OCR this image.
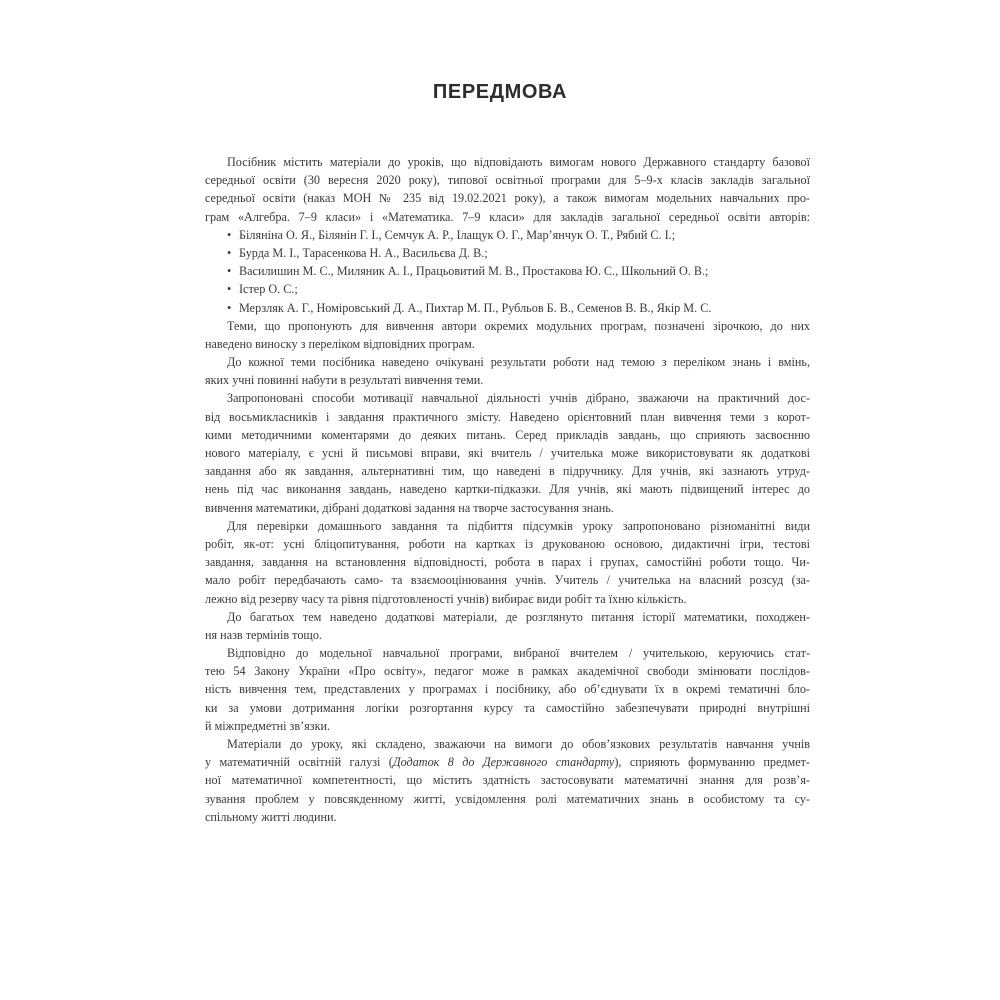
ПЕРЕДМОВА
Посібник містить матеріали до уроків, що відповідають вимогам нового Державного стандарту базової
середньої освіти (30 вересня 2020 року), типової освітньої програми для 5–9-х класів закладів загальної
середньої освіти (наказ МОН № 235 від 19.02.2021 року), а також вимогам модельних навчальних про-
грам «Алгебра. 7–9 класи» і «Математика. 7–9 класи» для закладів загальної середньої освіти авторів:
• Біляніна О. Я., Білянін Г. І., Семчук А. Р., Ілащук О. Г., Мар’янчук О. Т., Рябий С. І.;
• Бурда М. І., Тарасенкова Н. А., Васильєва Д. В.;
• Василишин М. С., Миляник А. І., Працьовитий М. В., Простакова Ю. С., Школьний О. В.;
• Істер О. С.;
• Мерзляк А. Г., Номіровський Д. А., Пихтар М. П., Рубльов Б. В., Семенов В. В., Якір М. С.
Теми, що пропонують для вивчення автори окремих модульних програм, позначені зірочкою, до них
наведено виноску з переліком відповідних програм.
До кожної теми посібника наведено очікувані результати роботи над темою з переліком знань і вмінь,
яких учні повинні набути в результаті вивчення теми.
Запропоновані способи мотивації навчальної діяльності учнів дібрано, зважаючи на практичний дос-
від восьмикласників і завдання практичного змісту. Наведено орієнтовний план вивчення теми з корот-
кими методичними коментарями до деяких питань. Серед прикладів завдань, що сприяють засвоєнню
нового матеріалу, є усні й письмові вправи, які вчитель / учителька може використовувати як додаткові
завдання або як завдання, альтернативні тим, що наведені в підручнику. Для учнів, які зазнають утруд-
нень під час виконання завдань, наведено картки-підказки. Для учнів, які мають підвищений інтерес до
вивчення математики, дібрані додаткові задання на творче застосування знань.
Для перевірки домашнього завдання та підбиття підсумків уроку запропоновано різноманітні види
робіт, як-от: усні бліцопитування, роботи на картках із друкованою основою, дидактичні ігри, тестові
завдання, завдання на встановлення відповідності, робота в парах і групах, самостійні роботи тощо. Чи-
мало робіт передбачають само- та взаємооцінювання учнів. Учитель / учителька на власний розсуд (за-
лежно від резерву часу та рівня підготовленості учнів) вибирає види робіт та їхню кількість.
До багатьох тем наведено додаткові матеріали, де розглянуто питання історії математики, походжен-
ня назв термінів тощо.
Відповідно до модельної навчальної програми, вибраної вчителем / учителькою, керуючись стат-
тею 54 Закону України «Про освіту», педагог може в рамках академічної свободи змінювати послідов-
ність вивчення тем, представлених у програмах і посібнику, або об’єднувати їх в окремі тематичні бло-
ки за умови дотримання логіки розгортання курсу та самостійно забезпечувати природні внутрішні
й міжпредметні зв’язки.
Матеріали до уроку, які складено, зважаючи на вимоги до обов’язкових результатів навчання учнів
у математичній освітній галузі (Додаток 8 до Державного стандарту), сприяють формуванню предмет-
ної математичної компетентності, що містить здатність застосовувати математичні знання для розв’я-
зування проблем у повсякденному житті, усвідомлення ролі математичних знань в особистому та су-
спільному житті людини.
